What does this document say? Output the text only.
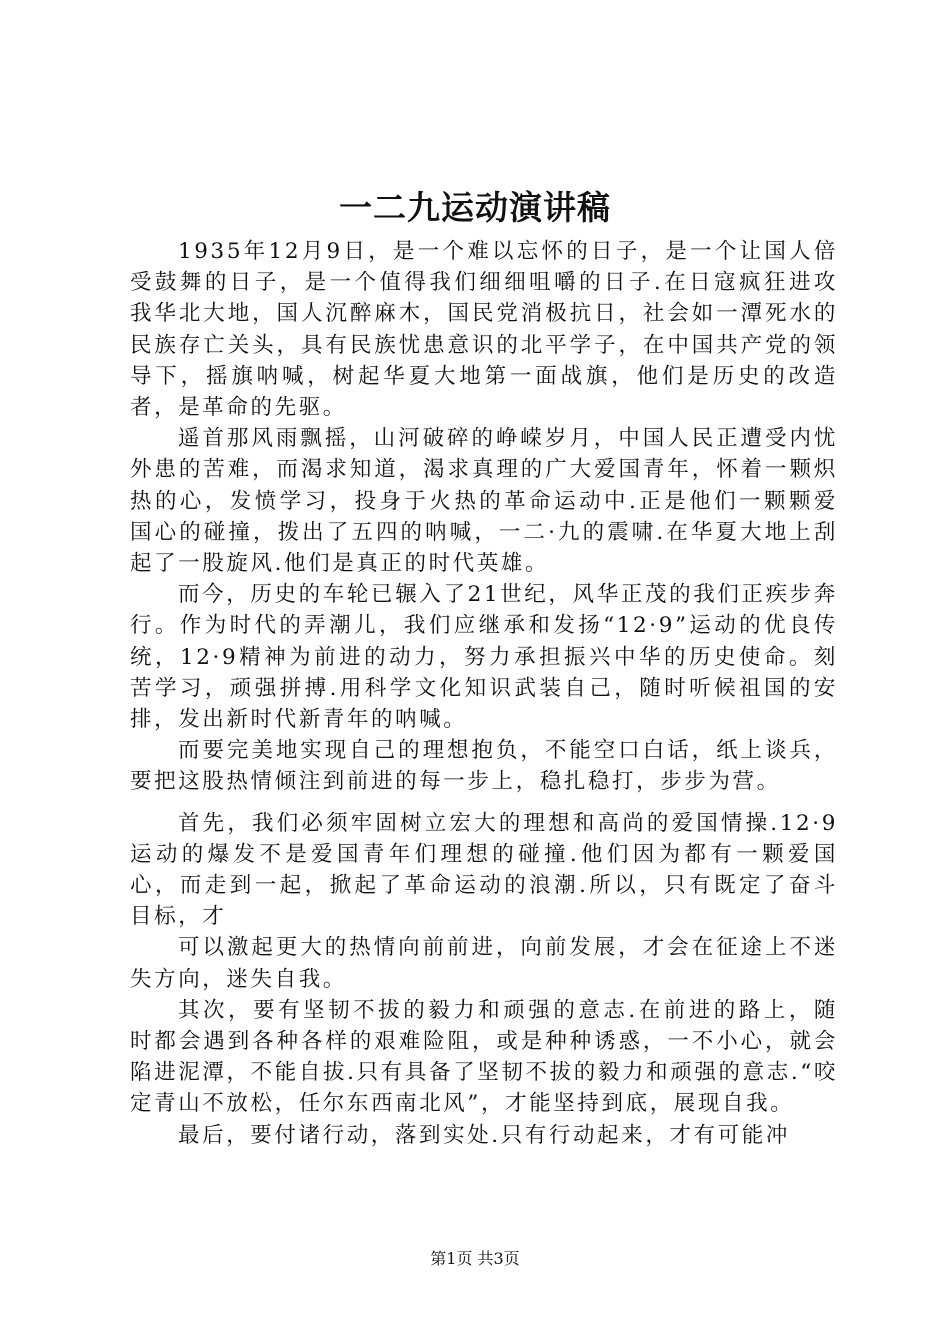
一二九运动演讲稿

1935年12月9日，是一个难以忘怀的日子，是一个让国人倍受鼓舞的日子，是一个值得我们细细咀嚼的日子.在日寇疯狂进攻我华北大地，国人沉醉麻木，国民党消极抗日，社会如一潭死水的民族存亡关头，具有民族忧患意识的北平学子，在中国共产党的领导下，摇旗呐喊，树起华夏大地第一面战旗，他们是历史的改造者，是革命的先驱。

遥首那风雨飘摇，山河破碎的峥嵘岁月，中国人民正遭受内忧外患的苦难，而渴求知道，渴求真理的广大爱国青年，怀着一颗炽热的心，发愤学习，投身于火热的革命运动中.正是他们一颗颗爱国心的碰撞，拨出了五四的呐喊，一二·九的震啸.在华夏大地上刮起了一股旋风.他们是真正的时代英雄。

而今，历史的车轮已辗入了21世纪，风华正茂的我们正疾步奔行。作为时代的弄潮儿，我们应继承和发扬“12·9”运动的优良传统，12·9精神为前进的动力，努力承担振兴中华的历史使命。刻苦学习，顽强拼搏.用科学文化知识武装自己，随时听候祖国的安排，发出新时代新青年的呐喊。

而要完美地实现自己的理想抱负，不能空口白话，纸上谈兵，要把这股热情倾注到前进的每一步上，稳扎稳打，步步为营。

首先，我们必须牢固树立宏大的理想和高尚的爱国情操.12·9运动的爆发不是爱国青年们理想的碰撞.他们因为都有一颗爱国心，而走到一起，掀起了革命运动的浪潮.所以，只有既定了奋斗目标，才

可以激起更大的热情向前前进，向前发展，才会在征途上不迷失方向，迷失自我。

其次，要有坚韧不拔的毅力和顽强的意志.在前进的路上，随时都会遇到各种各样的艰难险阻，或是种种诱惑，一不小心，就会陷进泥潭，不能自拔.只有具备了坚韧不拔的毅力和顽强的意志.“咬定青山不放松，任尔东西南北风”，才能坚持到底，展现自我。

最后，要付诸行动，落到实处.只有行动起来，才有可能冲

第1页 共3页
